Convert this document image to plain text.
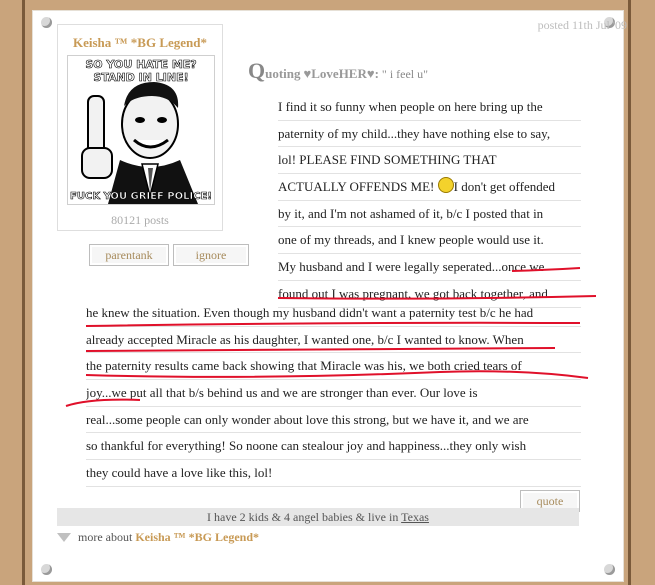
posted 11th Jul '09
Keisha ™ *BG Legend*
SO YOU HATE ME?
STAND IN LINE!
FUCK YOU GRIEF POLICE!
80121 posts
parentank	ignore
Quoting ♥LoveHER♥: " i feel u"
I find it so funny when people on here bring up the
paternity of my child...they have nothing else to say,
lol! PLEASE FIND SOMETHING THAT
ACTUALLY OFFENDS ME! I don't get offended
by it, and I'm not ashamed of it, b/c I posted that in
one of my threads, and I knew people would use it.
My husband and I were legally seperated...once we
found out I was pregnant, we got back together, and
he knew the situation. Even though my husband didn't want a paternity test b/c he had
already accepted Miracle as his daughter, I wanted one, b/c I wanted to know. When
the paternity results came back showing that Miracle was his, we both cried tears of
joy...we put all that b/s behind us and we are stronger than ever. Our love is
real...some people can only wonder about love this strong, but we have it, and we are
so thankful for everything! So noone can stealour joy and happiness...they only wish
they could have a love like this, lol!
quote
I have 2 kids & 4 angel babies & live in Texas
more about Keisha ™ *BG Legend*
